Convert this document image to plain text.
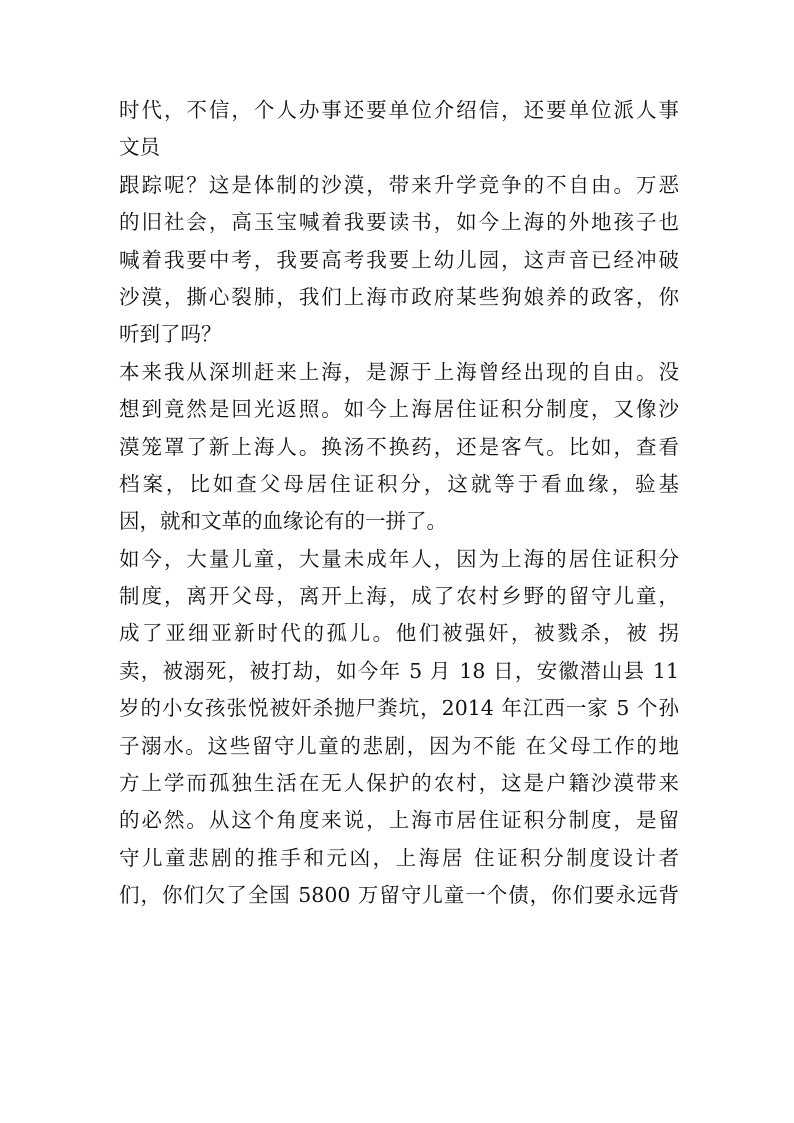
时代，不信，个人办事还要单位介绍信，还要单位派人事
文员
跟踪呢？这是体制的沙漠，带来升学竞争的不自由。万恶
的旧社会，高玉宝喊着我要读书，如今上海的外地孩子也
喊着我要中考，我要高考我要上幼儿园，这声音已经冲破
沙漠，撕心裂肺，我们上海市政府某些狗娘养的政客，你
听到了吗？
本来我从深圳赶来上海，是源于上海曾经出现的自由。没
想到竟然是回光返照。如今上海居住证积分制度，又像沙
漠笼罩了新上海人。换汤不换药，还是客气。比如，查看
档案，比如查父母居住证积分，这就等于看血缘，验基
因，就和文革的血缘论有的一拼了。
如今，大量儿童，大量未成年人，因为上海的居住证积分
制度，离开父母，离开上海，成了农村乡野的留守儿童，
成了亚细亚新时代的孤儿。他们被强奸，被戮杀，被 拐
卖，被溺死，被打劫，如今年 5 月 18 日，安徽潜山县 11
岁的小女孩张悦被奸杀抛尸粪坑，2014 年江西一家 5 个孙
子溺水。这些留守儿童的悲剧，因为不能 在父母工作的地
方上学而孤独生活在无人保护的农村，这是户籍沙漠带来
的必然。从这个角度来说，上海市居住证积分制度，是留
守儿童悲剧的推手和元凶，上海居 住证积分制度设计者
们，你们欠了全国 5800 万留守儿童一个债，你们要永远背
